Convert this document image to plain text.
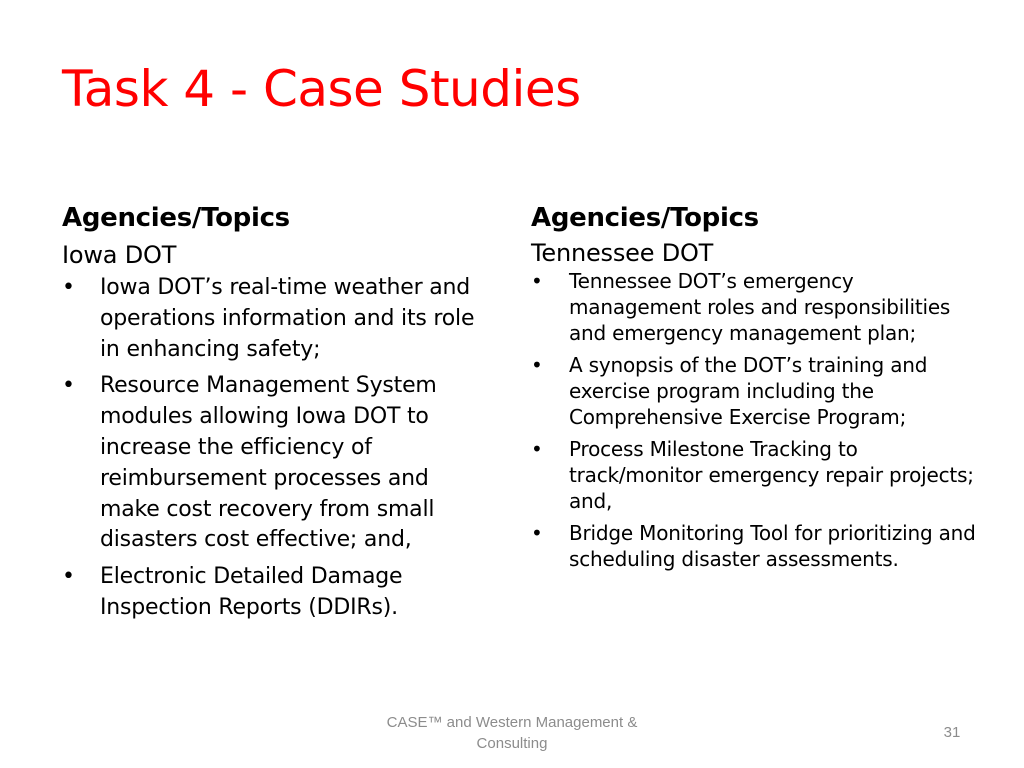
Task 4 - Case Studies
Agencies/Topics
Iowa DOT
• Iowa DOT’s real-time weather and operations information and its role in enhancing safety;
• Resource Management System modules allowing Iowa DOT to increase the efficiency of reimbursement processes and make cost recovery from small disasters cost effective; and,
• Electronic Detailed Damage Inspection Reports (DDIRs).
Agencies/Topics
Tennessee DOT
• Tennessee DOT’s emergency management roles and responsibilities and emergency management plan;
• A synopsis of the DOT’s training and exercise program including the Comprehensive Exercise Program;
• Process Milestone Tracking to track/monitor emergency repair projects; and,
• Bridge Monitoring Tool for prioritizing and scheduling disaster assessments.
CASE™ and Western Management & Consulting
31
